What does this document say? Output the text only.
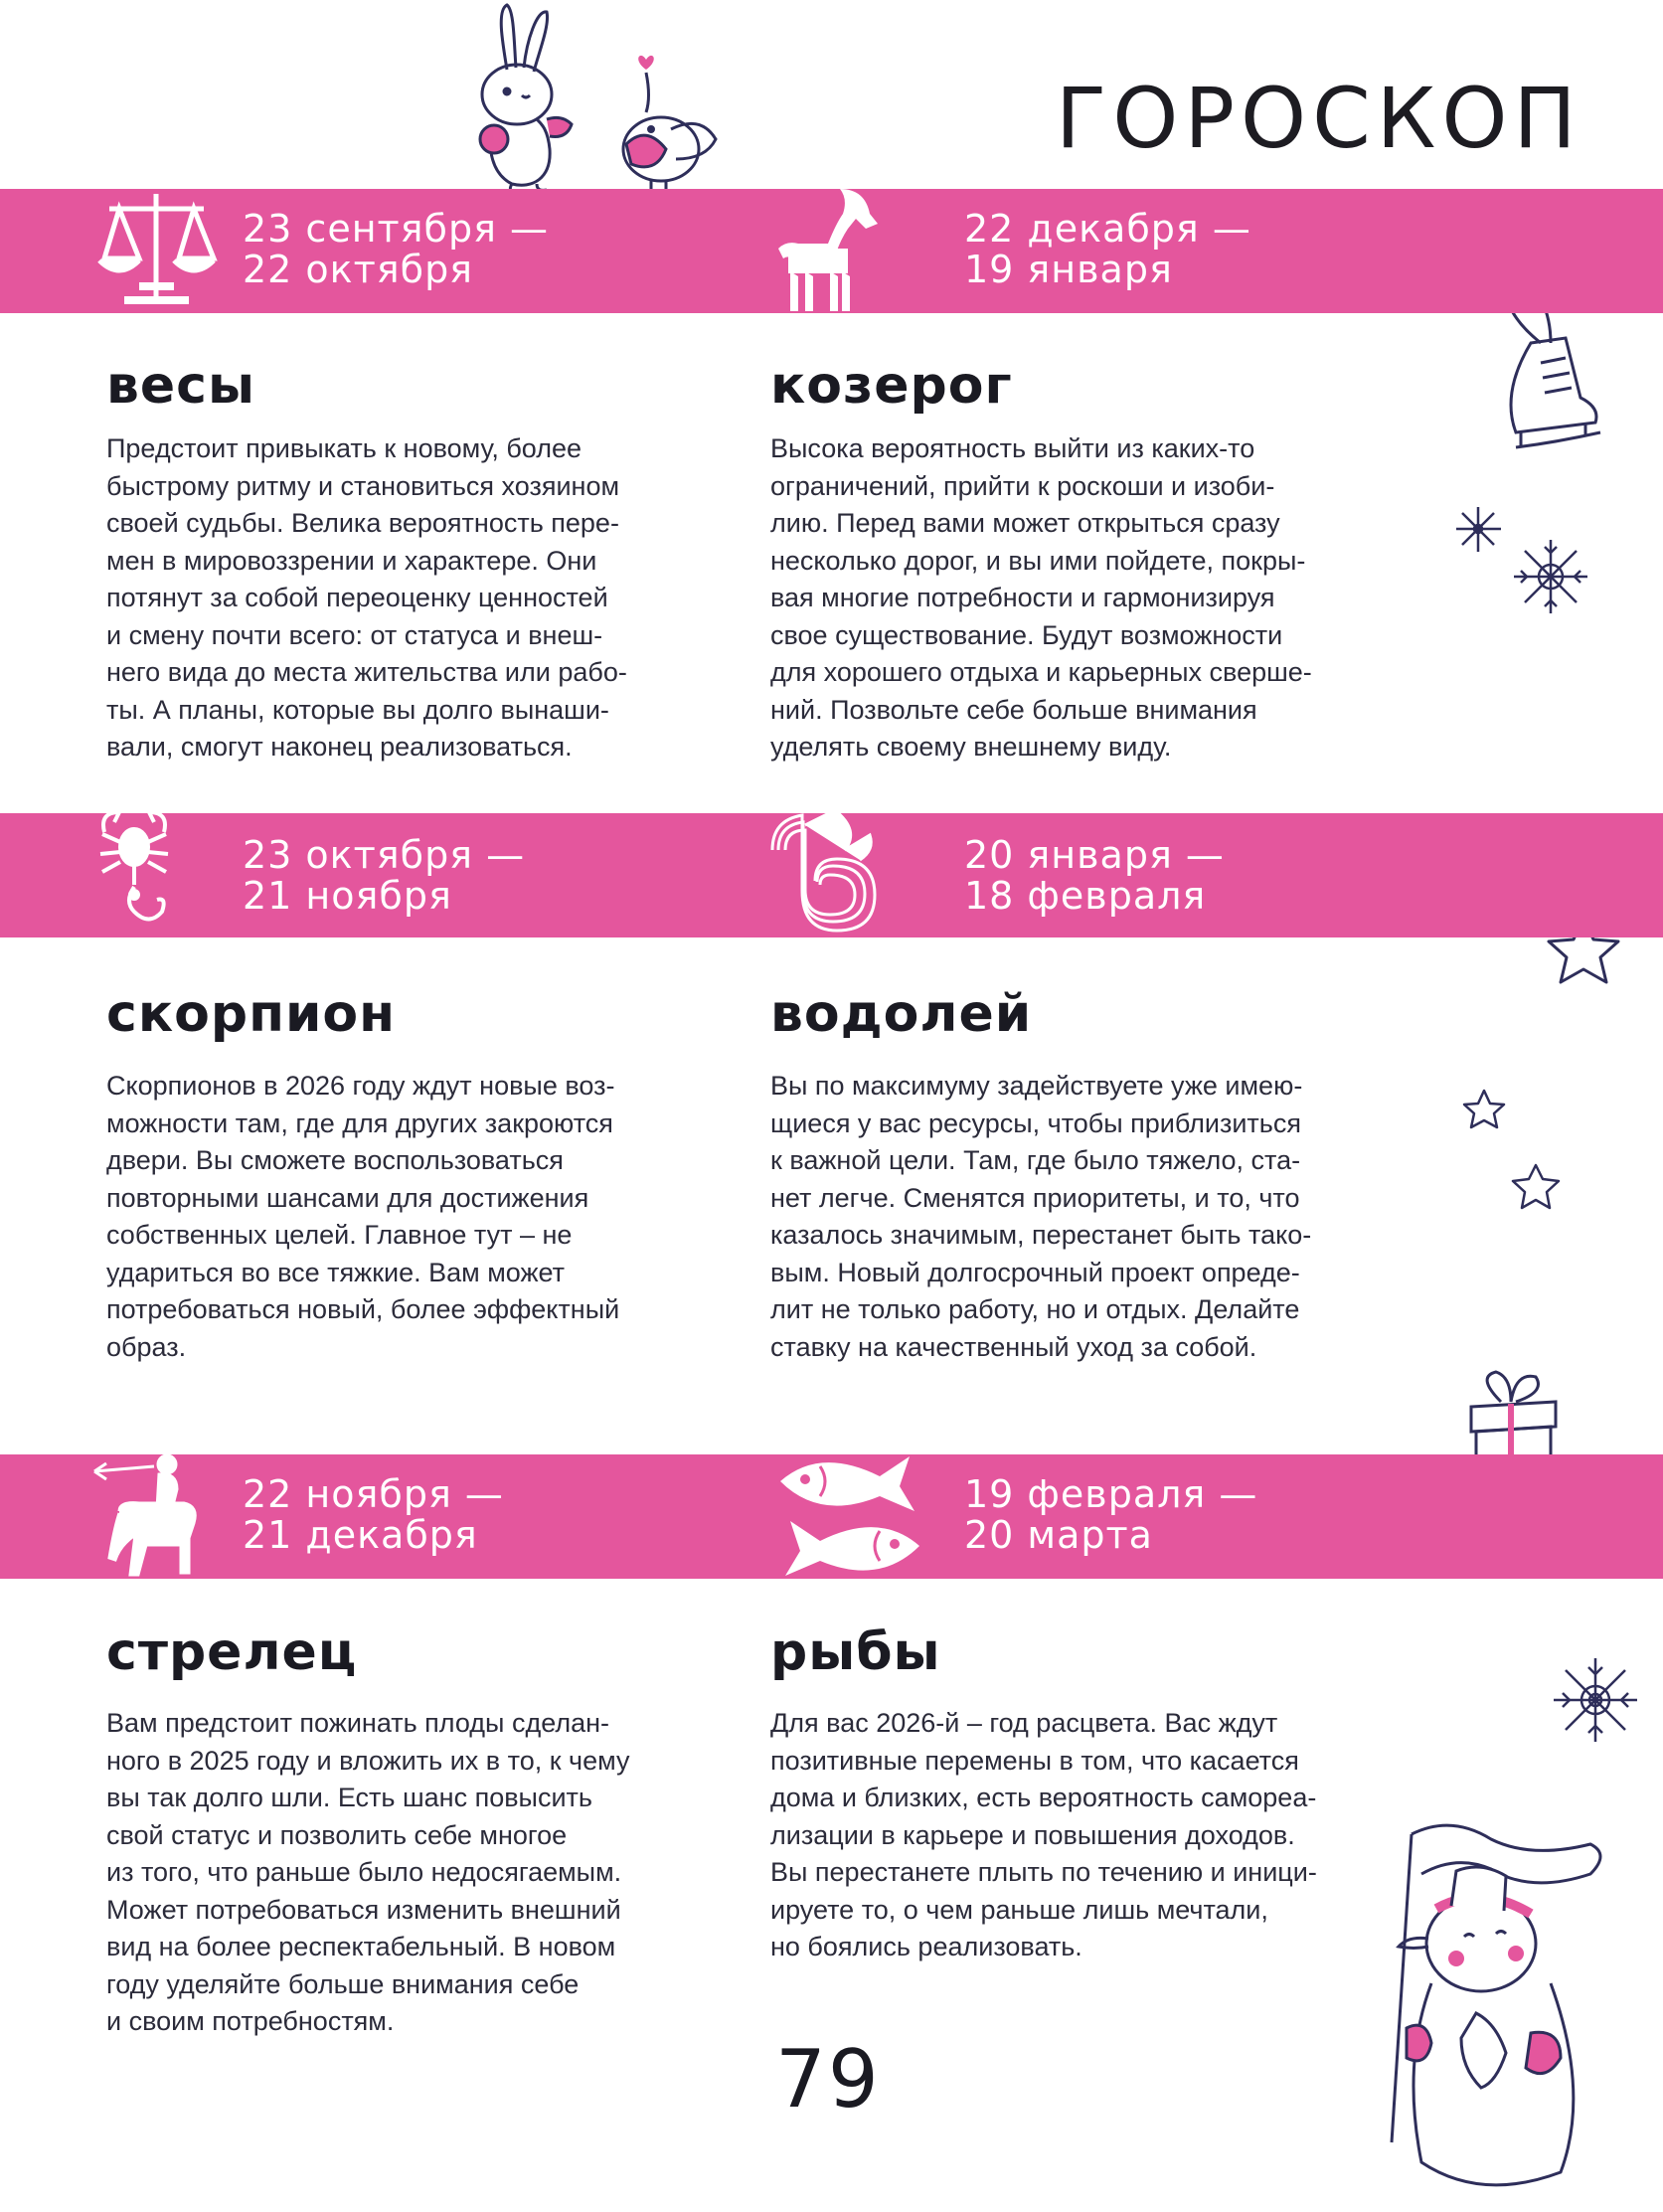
ГОРОСКОП
23 сентября —
22 октября
22 декабря —
19 января
23 октября —
21 ноября
20 января —
18 февраля
22 ноября —
21 декабря
19 февраля —
20 марта
весы	козерог
скорпион	водолей
стрелец	рыбы

Предстоит привыкать к новому, более

быстрому ритму и становиться хозяином

своей судьбы. Велика вероятность пере-

мен в мировоззрении и характере. Они

потянут за собой переоценку ценностей

и смену почти всего: от статуса и внеш-

него вида до места жительства или рабо-

ты. А планы, которые вы долго вынаши-

вали, смогут наконец реализоваться.

Высока вероятность выйти из каких-то

ограничений, прийти к роскоши и изоби-

лию. Перед вами может открыться сразу

несколько дорог, и вы ими пойдете, покры-

вая многие потребности и гармонизируя

свое существование. Будут возможности

для хорошего отдыха и карьерных сверше-

ний. Позвольте себе больше внимания

уделять своему внешнему виду.

Скорпионов в 2026 году ждут новые воз-

можности там, где для других закроются

двери. Вы сможете воспользоваться

повторными шансами для достижения

собственных целей. Главное тут – не

удариться во все тяжкие. Вам может

потребоваться новый, более эффектный

образ.

Вы по максимуму задействуете уже имею-

щиеся у вас ресурсы, чтобы приблизиться

к важной цели. Там, где было тяжело, ста-

нет легче. Сменятся приоритеты, и то, что

казалось значимым, перестанет быть тако-

вым. Новый долгосрочный проект опреде-

лит не только работу, но и отдых. Делайте

ставку на качественный уход за собой.

Вам предстоит пожинать плоды сделан-

ного в 2025 году и вложить их в то, к чему

вы так долго шли. Есть шанс повысить

свой статус и позволить себе многое

из того, что раньше было недосягаемым.

Может потребоваться изменить внешний

вид на более респектабельный. В новом

году уделяйте больше внимания себе

и своим потребностям.

Для вас 2026-й – год расцвета. Вас ждут

позитивные перемены в том, что касается

дома и близких, есть вероятность самореа-

лизации в карьере и повышения доходов.

Вы перестанете плыть по течению и иници-

ируете то, о чем раньше лишь мечтали,

но боялись реализовать.

79
